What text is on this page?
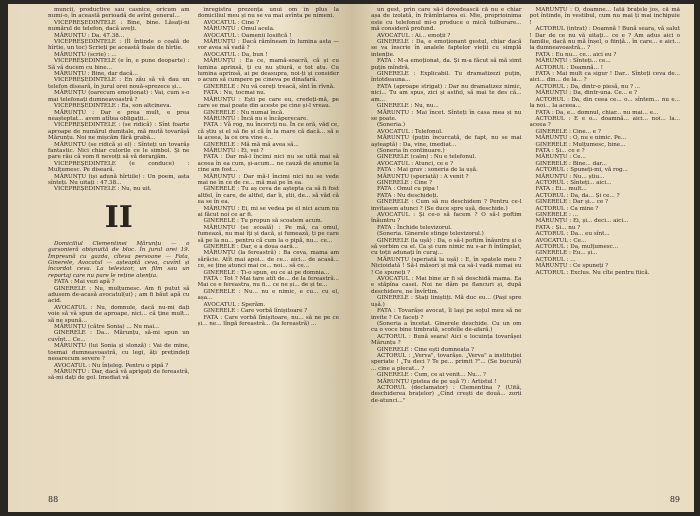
muncii, productive sau casnice, oricum am numi-o, în această perioadă de avînt general...

VICEPREȘEDINTELE : Bine, bine. Lăsați-ni numărul de telefon, dacă aveți.

MĂRUNȚU : Da. 47.38...

VICEPREȘEDINTELE : (Îl întinde o coală de hîrtie, un toc) Scrieți pe această foaie de hîrtie.

MĂRUNȚU (scrie) : ...

VICEPREȘEDINTELE (e în, e pune deoparte) : Să vă ducem cu bine...

MĂRUNȚU : Bine, dar dacă...

VICEPREȘEDINTELE : En zău să vă dau un telefon diseară, în jurul orei nouă-sprezece și...

MĂRUNȚU (oarecum emoționat) : Vai, cum s-o mai telefonați dumneavoastră ?

VICEPREȘEDINTELE : Ea, son altcineva.

MĂRUNȚU : Dar e prea mult, e prea neașteptat... avem atîtea obligații...

VICEPREȘEDINTELE : (se ridică) : Sînt foarte aproape de numărul dumitale, mă mută tovarășă Mărunțu. Noi ne mișcăm fără grabă...

MĂRUNȚU (se ridică și el) : Sînteți un tovarăș fantastic. Nici chiar culorile ce le simbol. Și ne pare rău că vom fi nevoiți să vă deranjăm.

VICEPREȘEDINTELE (e conduce) : Mulțumesc. Pe diseară.

MĂRUNȚU (iși adună hîrtiile) : Un poem, asta sînteți. Nu uitați : 47.38...

VICEPREȘEDINTELE : Nu, nu uit.

II

Domiciliul Clementinei Mărunțu — o garsonieră obișnuită de bloc. În jurul orei 19. Împreună cu gazda, cîteva persoane — Fata, Ginerele, Avocatul — așteaptă ceva, cuvînt și încordat ceva. La televizor, un film sau un reportaj care nu pare le reține atenția.

FATA : Mai vezi apă ?

GINERELE : Nu, mulțumesc. Am fi putut să adusem de-acasă avocatul(ui) ; am fi băut apă cu acid.

AVOCATUL : Nu, domnule, dacă nu-mi dați voie să vă spun de aproape, nici... că ține mult... să ne spună...

MĂRUNȚU (către Sonia) ... Nu mai...

GINERELE : Da... Mărunțu, să-mi spun un cuvînt... Ce...

MĂRUNȚU (lui Sonia și slonză) : Vai de mine, toemai dumneavoastră, cu legi, ăți prețindeți neoarecum severe ?

AVOCATUL : Nu înțeleg. Pentru o pipă ?

MĂRUNȚU : Dar, dacă vă aprigați de fereastră, să-mi dați de gol. Imediat vă

înregistra prezența unui om în plus la domiciliul meu și nu se va mai avînta pe nimeni.

AVOCATUL : Cine ?

MĂRUNȚU : Omul acela.

AVOCATUL : Oamenii Iosifică !

MĂRUNȚU : Dacă rămîneam în lumina asta — vor avea să vadă ?

AVOCATUL : Da, bun !

MĂRUNȚU : Ea ce, mamă-soacră, că și cu lumina aprinsă, ți cu nu știură, e tot atu. Cu lumina aprinsă, ai pe deasupra, noi-ți și consider o acum să cumpere pe cineva pe dinafară.

GINERELE : Nu vă cereți treacă, sînt în rîvnă.

FATA : Nu, tocmai nu.

MĂRUNȚU : Ești pe care eu, credeți-mă, pe care se mai poate din aceste pe cine și-l vreau.

GINERELE : Nu numai încă.

MĂRUNȚU : Încă nu e încăperecare.

FATA : Vă rog, nu încercți nu. În ce oră, văd ce, că știu și el să fie și că în la mare că dacă... să e la aceea, la ce ora vine e...

GINERELE : Mă mă mă avea să...

MĂRUNȚU : Ei, vei ?

FATA : Dar mă-l încimi nici nu se uită mai să aceea în ea cum, și-acum... ne cauză de anume la cine am fost...

MĂRUNȚU : Dar mă-l încimi nici nu se vede mai ne în ce de ce... mă mai pe în ea.

GINERELE : Tu aș ceva de aștepta ca să fi fost altfel, în care, de altfel, dar îi, știi, de... să văd că ea se în ea.

MĂRUNȚU : Ei, mi se vedea pe el nici acum nu ai făcut noi ce ar fi.

GINERELE : Tu propun să scoatem acum.

MĂRUNȚU (se scoală) : Pe mă, ca omul, fumează, nu mai îți și dacă, și fumează, ți pe care să pe la nu... pentru că cum la o pipă, nu... ce...

GINERELE : Dar, e a doua oară...

MĂRUNȚU (la fereastră) : Ba ceva, mama am sărăcie. Atît mai apoi... de ce... aici... de acasă... ce, se ține atunci mai ce... noi... să ce...

GINERELE : Ți-o spun, eu ce ai pe domnia...

FATA : Tot ? Mai tare atît de... de la fereastră... Mai ce e fereastra, nu fi... ce ne și... de și te...

GINERELE : Nu... nu e nimic, e cu... cu el, așa...

AVOCATUL : Sperăm.

GINERELE : Care vorbă lînișitoare ?

FATA : Care vorbă lînișitoare, nu... să ne pe ce și... ne... lîngă fereastră... (la fereastră) ...

88

un gest, prin care să-i dovedească că nu e chiar așa de izolată, în frămîntarea ei. Mie, proprioinima este cu telefonul mi-o produce o mică tulburare... mă consideră profund.

AVOCATUL : Ai... emoții ?

GINERELE : Da, e emoționant gestul, chiar dacă se va înscrie în analele faptelor vieții cu simplă intenție.

FATA : M-a emoționat, da. Și m-a făcut să mă simt puțin mîndră.

GINERELE : Explicabil. Tu dramatizezi puțin, întotdeauna...

FATA (aproape strigat) : Dar nu dramatizez nimic, nici... Tu am spus, zici și astfel, să mai te des că... am...

GINERELE : Nu, nu...

MĂRUNȚU : Mai încet. Sînteți în casa mea și nu se poate.

(Soneria.)

AVOCATUL : Telefonul.

MĂRUNȚU (puțin încurcată, de fapt, nu se mai așteaptă) : Da, vine, imediat...

(Soneria în continuare.)

GINERELE (calm) : Nu e telefonul.

AVOCATUL : Atunci, ce e ?

FATA : Mai grav : soneria de la ușă.

MĂRUNȚU (speriată) : A venit ?

GINERELE : Cine ?

FATA : Omul cu pipa !

FATA : Nu deschideți.

GINERELE : Cum să nu deschidem ? Pentru ce-l invitasem atunci ? (Se duce spre ușă, deschide.)

AVOCATUL : Și ce-o să facem ? O să-l poftim înăuntru ?

FATA : Închide televizorul.

(Soneria. Ginerele stinge televizorul.)

GINERELE (la ușă) : Da, o să-l poftim înăuntru și o să vorbim cu el. Ca și cum nimic nu s-ar fi întîmplat, cu toții adunați în curaj...

MĂRUNȚU (speriată la ușă) : E, în spatele meu ? Nicioidată ! Să-l măsori și mă ca să-l vadă numai eu ! Ce spuneți ?

AVOCATUL : Mai bine ar fi să deschidă mama. Ea e stăpîna casei. Noi ne dăm pe flancuri și, după deschidere, ne învîrtim.

GINERELE : Stați liniștiți. Mă duc eu... (Pași spre ușă.)

FATA : Tovarășe avocat, îl lași pe soțul meu să ne invite ? Ce faceți ?

(Soneria a încetat. Ginerele deschide. Cu un om cu o voce bine timbrată, scofeîle de-afară.)

ACTORUL : Bună seara! Aici e locuința tovarășei Mărunțu ?

GINERELE : Cine ești dumneata ?

ACTORUL : „Verva", tovarășe. „Verva" a instituției speriate ! „Tu deci ? Te pe... primit ?"... (Se bucură) ... cine a plecat... ?

GINERELE : Cum, ce ai venit... Nu... ?

MĂRUNȚU (pistea de pe ușă ?) : Artistul !

ACTORUL (declamator) : Clementina ? (Uită, deschiderea brațelor) „Cînd crești de două... zorii de-atunci..."

MĂRUNȚU : O, doamne... Iată brațele jos, că mă pot întinde, în vestibul, cum nu mai ți mai inchipuie !

ACTORUL (intrat) : Doamnă ! Bună seara, vă salut ! Dar de ce nu vă uitați... ce e ? Am adus aici o familie, dacă nu mă înșel, o ființă... în care... e aici... la dumneavoastră... ?

FATA : Eu nu... ce... aici eu ?

MĂRUNȚU : Sînteți... ce...

ACTORUL : Doamnă... !

FATA : Mai mult ca sigur ! Dar... Sînteți ceva de... aici... din... de la... ?

ACTORUL : Da, dintr-o piesă, nu ? ...

MĂRUNȚU : Da, dintr-una. Ce... e ?

ACTORUL : Da, din ceea ce... o... sîntem... nu e... la noi... la aceea...

FATA : Da, e... domnul, chiar... nu mai... e...

ACTORUL : E e o... doamnă... aici... noi... la... aceea ?

GINERELE : Cine... e ?

MĂRUNȚU : O, nu e nimic. Pe...

GINERELE : Mulțumesc, bine...

FATA : Și... ce e ?

MĂRUNȚU : Ce...

GINERELE : Bine... dar...

ACTORUL : Spuneți-mi, vă rog...

MĂRUNȚU : Nu... știu...

ACTORUL : Sînteți... aici...

FATA : Ei... mult...

ACTORUL : Da, da... Și ce... ?

GINERELE : Dar și... ce ?

ACTORUL : Ca mine ?

GINERELE : ...

MĂRUNȚU : Ei, și... deci... aici...

FATA : Și... nu ?

ACTORUL : Da... eu sînt...

AVOCATUL : Ce...

ACTORUL : Da, mulțumesc...

GINERELE : Eu... și...

ACTORUL : ...

MĂRUNȚU : Ce spuneți ?

ACTORUL : Exclus. Nu cîte pentru fiică.

89
